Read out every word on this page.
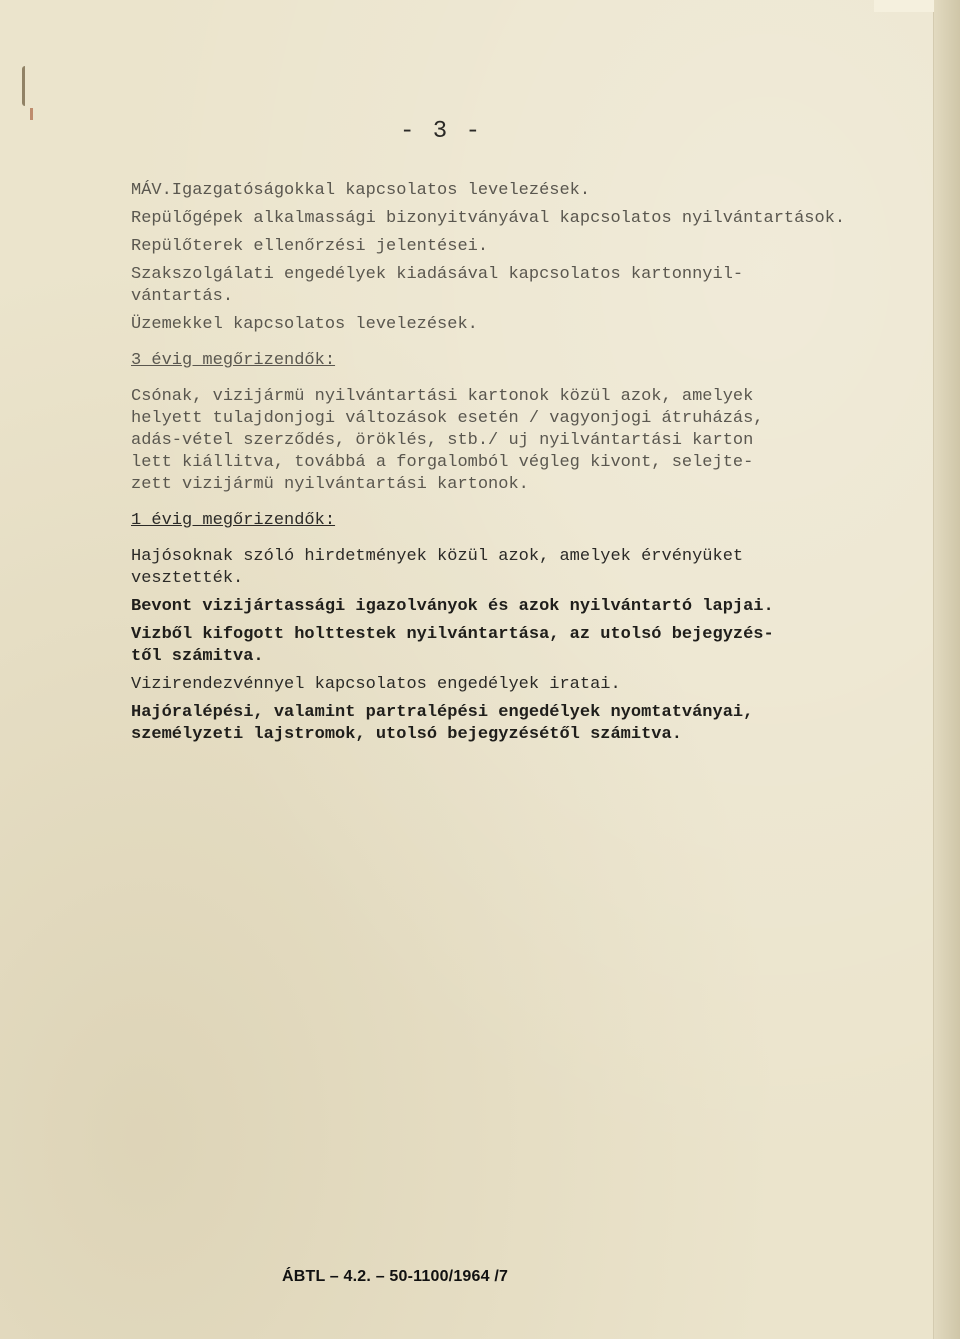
- 3 -

MÁV.Igazgatóságokkal kapcsolatos levelezések.

Repülőgépek alkalmassági bizonyitványával kapcsolatos nyilvántartások.

Repülőterek ellenőrzési jelentései.

Szakszolgálati engedélyek kiadásával kapcsolatos kartonnyil-
vántartás.

Üzemekkel kapcsolatos levelezések.

3 évig megőrizendők:

Csónak, vizijármü nyilvántartási kartonok közül azok, amelyek
helyett tulajdonjogi változások esetén / vagyonjogi átruházás,
adás-vétel szerződés, öröklés, stb./ uj nyilvántartási karton
lett kiállitva, továbbá a forgalomból végleg kivont, selejte-
zett vizijármü nyilvántartási kartonok.

1 évig megőrizendők:

Hajósoknak szóló hirdetmények közül azok, amelyek érvényüket
vesztették.

Bevont vizijártassági igazolványok és azok nyilvántartó lapjai.

Vizből kifogott holttestek nyilvántartása, az utolsó bejegyzés-
től számitva.

Vizirendezvénnyel kapcsolatos engedélyek iratai.

Hajóralépési, valamint partralépési engedélyek nyomtatványai,
személyzeti lajstromok, utolsó bejegyzésétől számitva.

ÁBTL – 4.2. – 50-1100/1964 /7
